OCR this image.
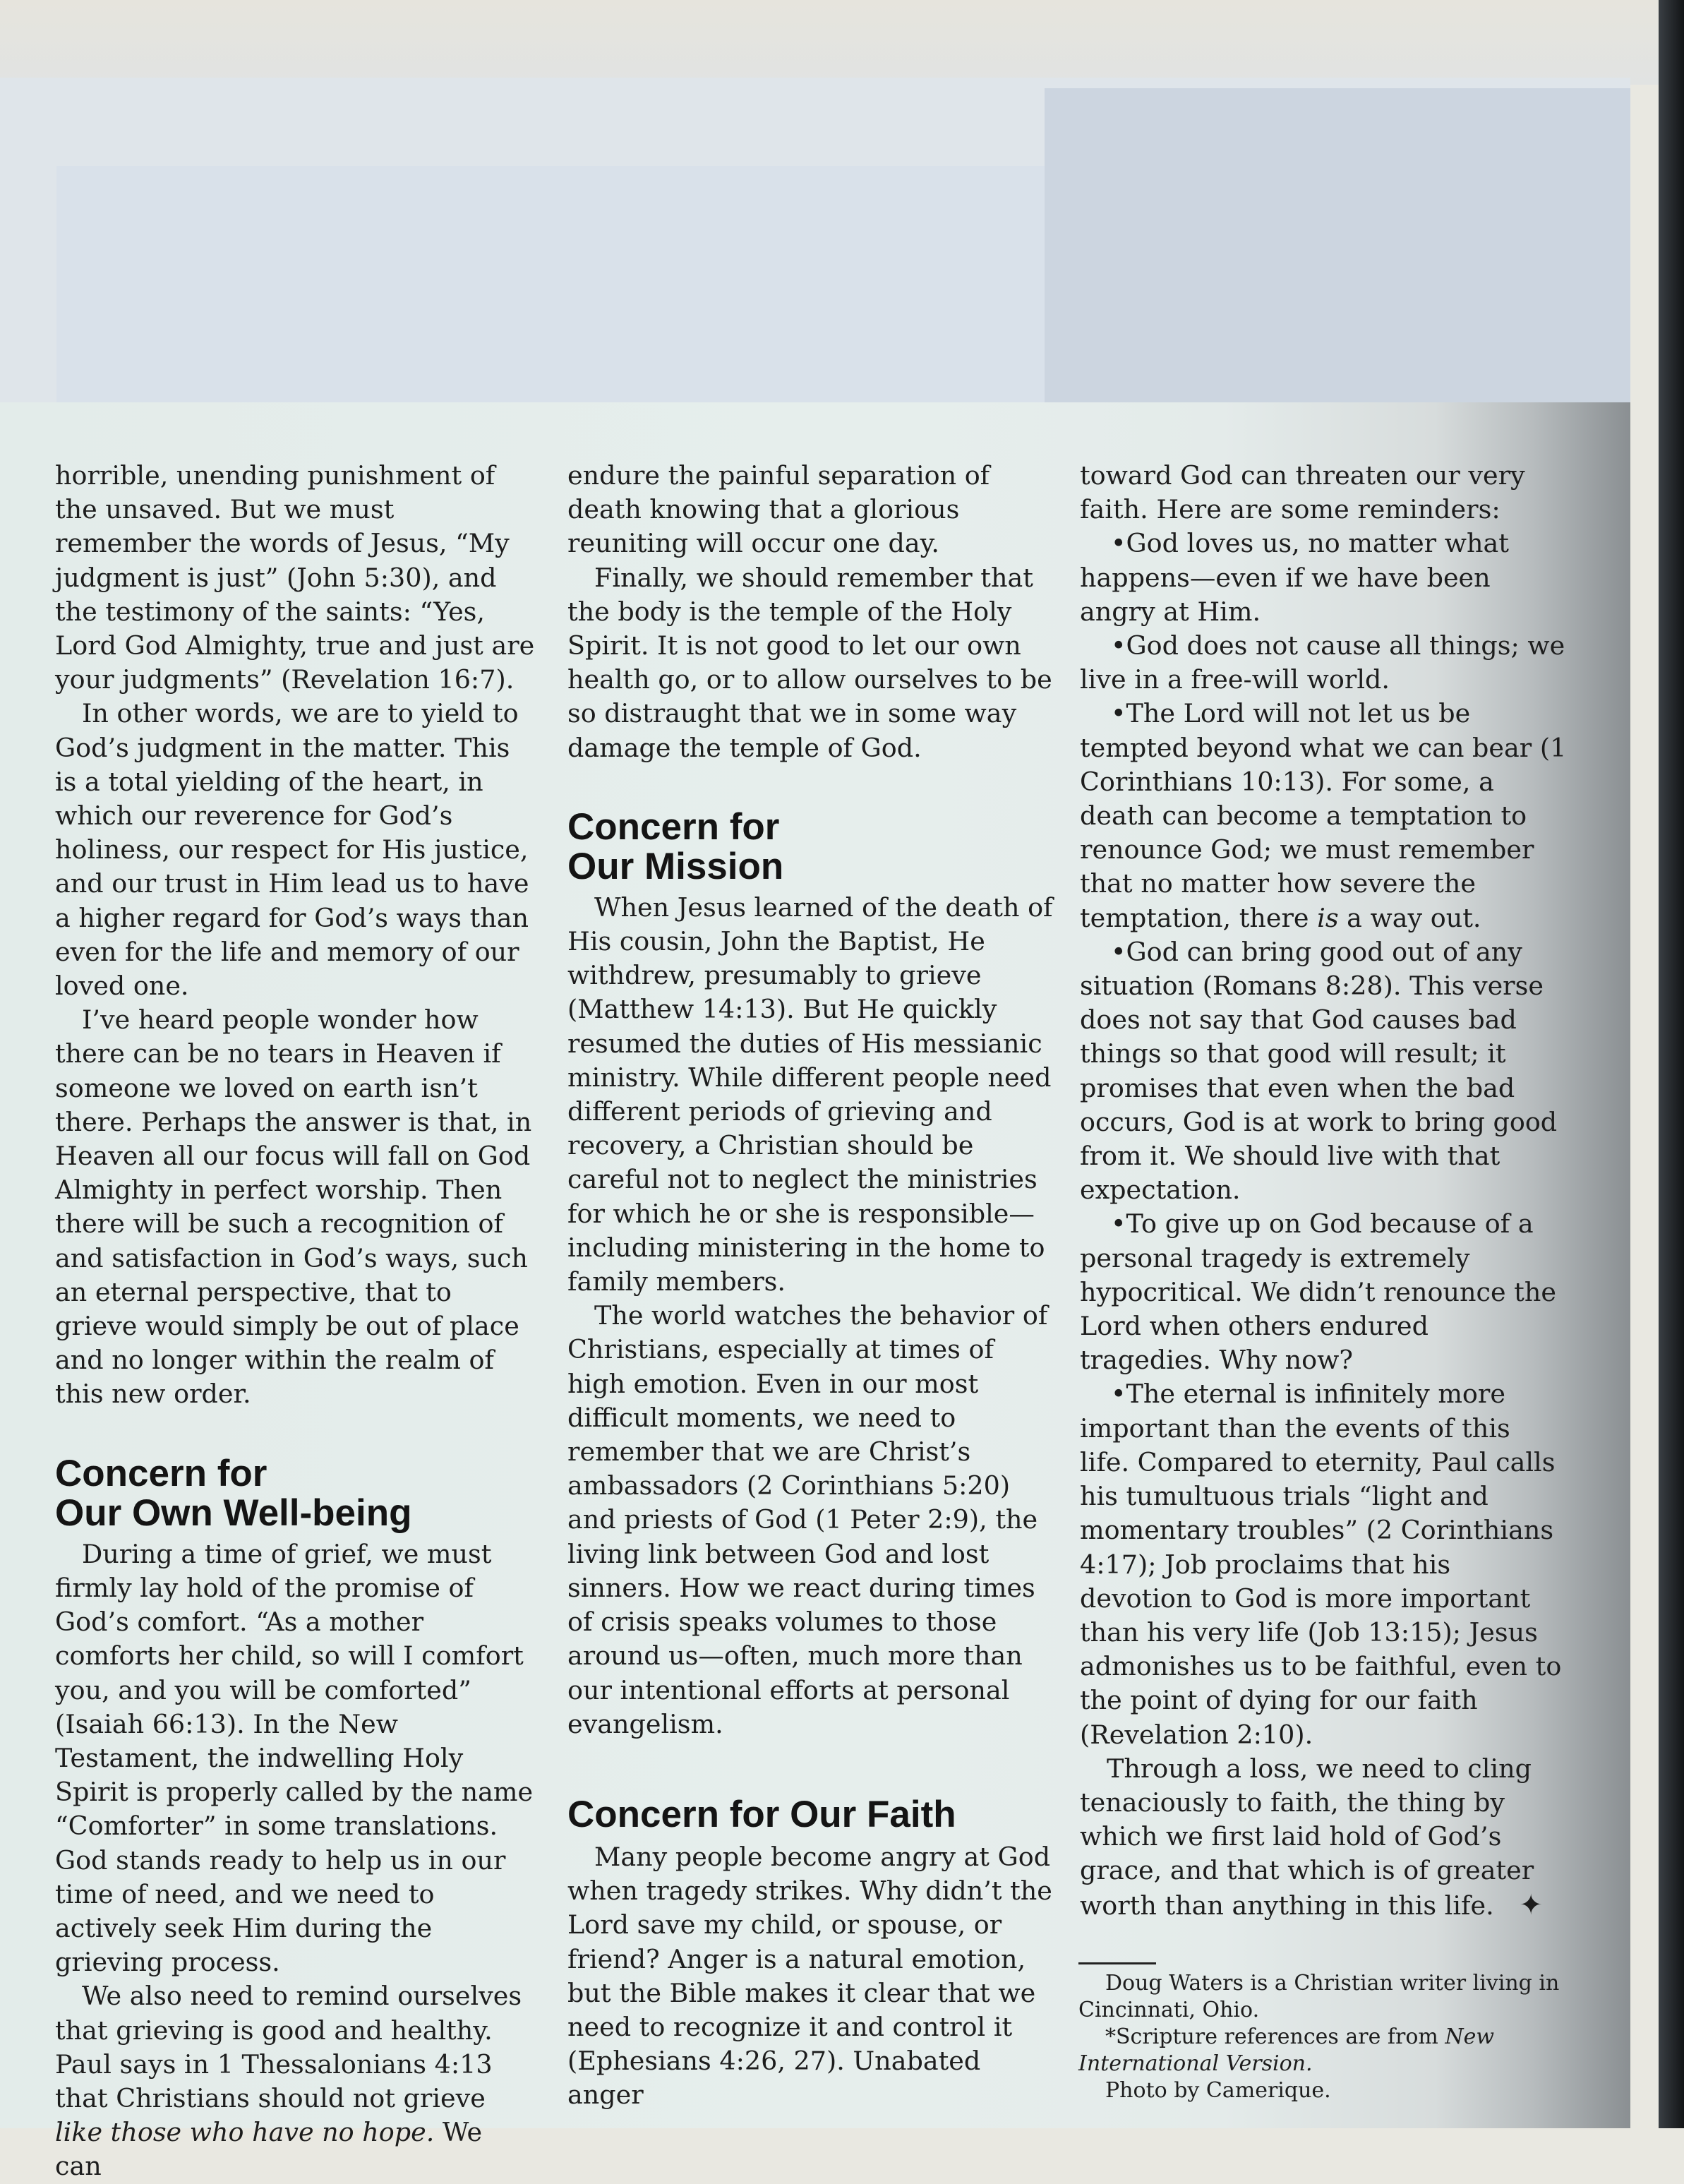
horrible, unending punishment of the unsaved. But we must remember the words of Jesus, “My judgment is just” (John 5:30), and the testimony of the saints: “Yes, Lord God Almighty, true and just are your judgments” (Revelation 16:7).

In other words, we are to yield to God’s judgment in the matter. This is a total yielding of the heart, in which our reverence for God’s holiness, our respect for His justice, and our trust in Him lead us to have a higher regard for God’s ways than even for the life and memory of our loved one.

I’ve heard people wonder how there can be no tears in Heaven if someone we loved on earth isn’t there. Perhaps the answer is that, in Heaven all our focus will fall on God Almighty in perfect worship. Then there will be such a recognition of and satisfaction in God’s ways, such an eternal perspective, that to grieve would simply be out of place and no longer within the realm of this new order.

Concern for
Our Own Well-being

During a time of grief, we must firmly lay hold of the promise of God’s comfort. “As a mother comforts her child, so will I comfort you, and you will be comforted” (Isaiah 66:13). In the New Testament, the indwelling Holy Spirit is properly called by the name “Comforter” in some translations. God stands ready to help us in our time of need, and we need to actively seek Him during the grieving process.

We also need to remind ourselves that grieving is good and healthy. Paul says in 1 Thessalonians 4:13 that Christians should not grieve like those who have no hope. We can

endure the painful separation of death knowing that a glorious reuniting will occur one day.

Finally, we should remember that the body is the temple of the Holy Spirit. It is not good to let our own health go, or to allow ourselves to be so distraught that we in some way damage the temple of God.

Concern for
Our Mission

When Jesus learned of the death of His cousin, John the Baptist, He withdrew, presumably to grieve (Matthew 14:13). But He quickly resumed the duties of His messianic ministry. While different people need different periods of grieving and recovery, a Christian should be careful not to neglect the ministries for which he or she is responsible—including ministering in the home to family members.

The world watches the behavior of Christians, especially at times of high emotion. Even in our most difficult moments, we need to remember that we are Christ’s ambassadors (2 Corinthians 5:20) and priests of God (1 Peter 2:9), the living link between God and lost sinners. How we react during times of crisis speaks volumes to those around us—often, much more than our intentional efforts at personal evangelism.

Concern for Our Faith

Many people become angry at God when tragedy strikes. Why didn’t the Lord save my child, or spouse, or friend? Anger is a natural emotion, but the Bible makes it clear that we need to recognize it and control it (Ephesians 4:26, 27). Unabated anger

toward God can threaten our very faith. Here are some reminders:

•God loves us, no matter what happens—even if we have been angry at Him.

•God does not cause all things; we live in a free-will world.

•The Lord will not let us be tempted beyond what we can bear (1 Corinthians 10:13). For some, a death can become a temptation to renounce God; we must remember that no matter how severe the temptation, there is a way out.

•God can bring good out of any situation (Romans 8:28). This verse does not say that God causes bad things so that good will result; it promises that even when the bad occurs, God is at work to bring good from it. We should live with that expectation.

•To give up on God because of a personal tragedy is extremely hypocritical. We didn’t renounce the Lord when others endured tragedies. Why now?

•The eternal is infinitely more important than the events of this life. Compared to eternity, Paul calls his tumultuous trials “light and momentary troubles” (2 Corinthians 4:17); Job proclaims that his devotion to God is more important than his very life (Job 13:15); Jesus admonishes us to be faithful, even to the point of dying for our faith (Revelation 2:10).

Through a loss, we need to cling tenaciously to faith, the thing by which we first laid hold of God’s grace, and that which is of greater worth than anything in this life. ✦

Doug Waters is a Christian writer living in Cincinnati, Ohio.

*Scripture references are from New International Version.

Photo by Camerique.
